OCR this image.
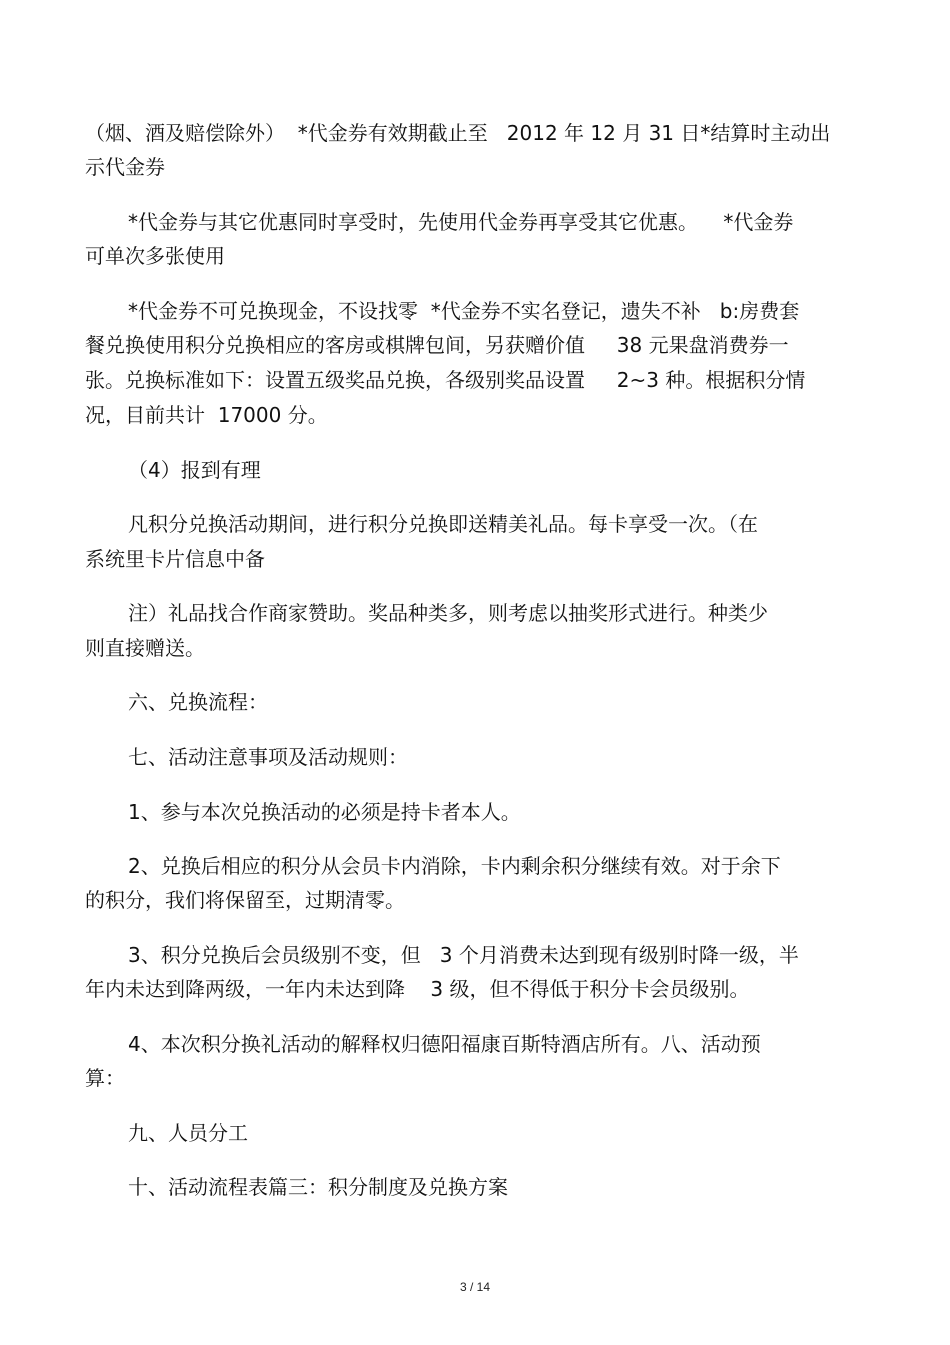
（烟、酒及赔偿除外）  *代金券有效期截止至   2012 年 12 月 31 日*结算时主动出

示代金券

*代金券与其它优惠同时享受时，先使用代金券再享受其它优惠。    *代金券

可单次多张使用

*代金券不可兑换现金，不设找零  *代金券不实名登记，遗失不补   b:房费套

餐兑换使用积分兑换相应的客房或棋牌包间，另获赠价值     38 元果盘消费券一

张。兑换标准如下：设置五级奖品兑换，各级别奖品设置     2~3 种。根据积分情

况，目前共计  17000 分。

（4）报到有理

凡积分兑换活动期间，进行积分兑换即送精美礼品。每卡享受一次。（在

系统里卡片信息中备

注）礼品找合作商家赞助。奖品种类多，则考虑以抽奖形式进行。种类少

则直接赠送。

六、兑换流程：

七、活动注意事项及活动规则：

1、参与本次兑换活动的必须是持卡者本人。

2、兑换后相应的积分从会员卡内消除，卡内剩余积分继续有效。对于余下

的积分，我们将保留至，过期清零。

3、积分兑换后会员级别不变，但   3 个月消费未达到现有级别时降一级，半

年内未达到降两级，一年内未达到降    3 级，但不得低于积分卡会员级别。

4、本次积分换礼活动的解释权归德阳福康百斯特酒店所有。八、活动预

算：

九、人员分工

十、活动流程表篇三：积分制度及兑换方案

3 / 14
